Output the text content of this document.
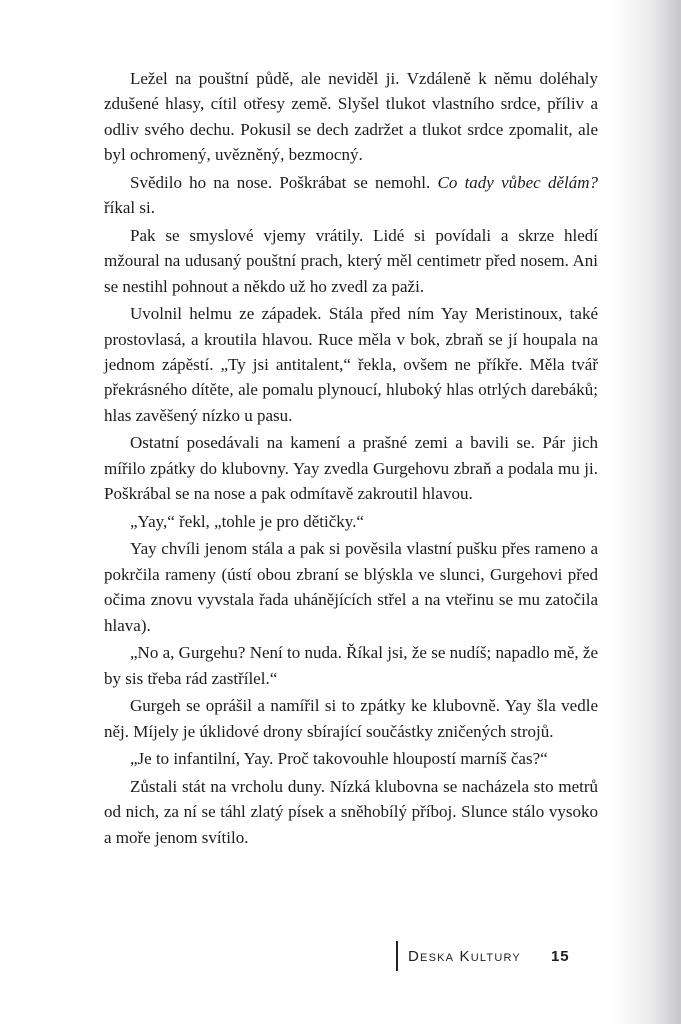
Ležel na pouštní půdě, ale neviděl ji. Vzdáleně k němu doléhaly zdušené hlasy, cítil otřesy země. Slyšel tlukot vlastního srdce, příliv a odliv svého dechu. Pokusil se dech zadržet a tlukot srdce zpomalit, ale byl ochromený, uvězněný, bezmocný.

Svědilo ho na nose. Poškrábat se nemohl. Co tady vůbec dělám? říkal si.

Pak se smyslové vjemy vrátily. Lidé si povídali a skrze hledí mžoural na udusaný pouštní prach, který měl centimetr před nosem. Ani se nestihl pohnout a někdo už ho zvedl za paži.

Uvolnil helmu ze západek. Stála před ním Yay Meristinoux, také prostovlasá, a kroutila hlavou. Ruce měla v bok, zbraň se jí houpala na jednom zápěstí. „Ty jsi antitalent,“ řekla, ovšem ne příkře. Měla tvář překrásného dítěte, ale pomalu plynoucí, hluboký hlas otrlých darebáků; hlas zavěšený nízko u pasu.

Ostatní posedávali na kamení a prašné zemi a bavili se. Pár jich mířilo zpátky do klubovny. Yay zvedla Gurgehovu zbraň a podala mu ji. Poškrábal se na nose a pak odmítavě zakroutil hlavou.

„Yay,“ řekl, „tohle je pro dětičky.“

Yay chvíli jenom stála a pak si pověsila vlastní pušku přes rameno a pokrčila rameny (ústí obou zbraní se blýskla ve slunci, Gurgehovi před očima znovu vyvstala řada uhánějících střel a na vteřinu se mu zatočila hlava).

„No a, Gurgehu? Není to nuda. Říkal jsi, že se nudíš; napadlo mě, že by sis třeba rád zastřílel.“

Gurgeh se oprášil a namířil si to zpátky ke klubovně. Yay šla vedle něj. Míjely je úklidové drony sbírající součástky zničených strojů.

„Je to infantilní, Yay. Proč takovouhle hloupostí marníš čas?“

Zůstali stát na vrcholu duny. Nízká klubovna se nacházela sto metrů od nich, za ní se táhl zlatý písek a sněhobílý příboj. Slunce stálo vysoko a moře jenom svítilo.

Deska Kultury 15
